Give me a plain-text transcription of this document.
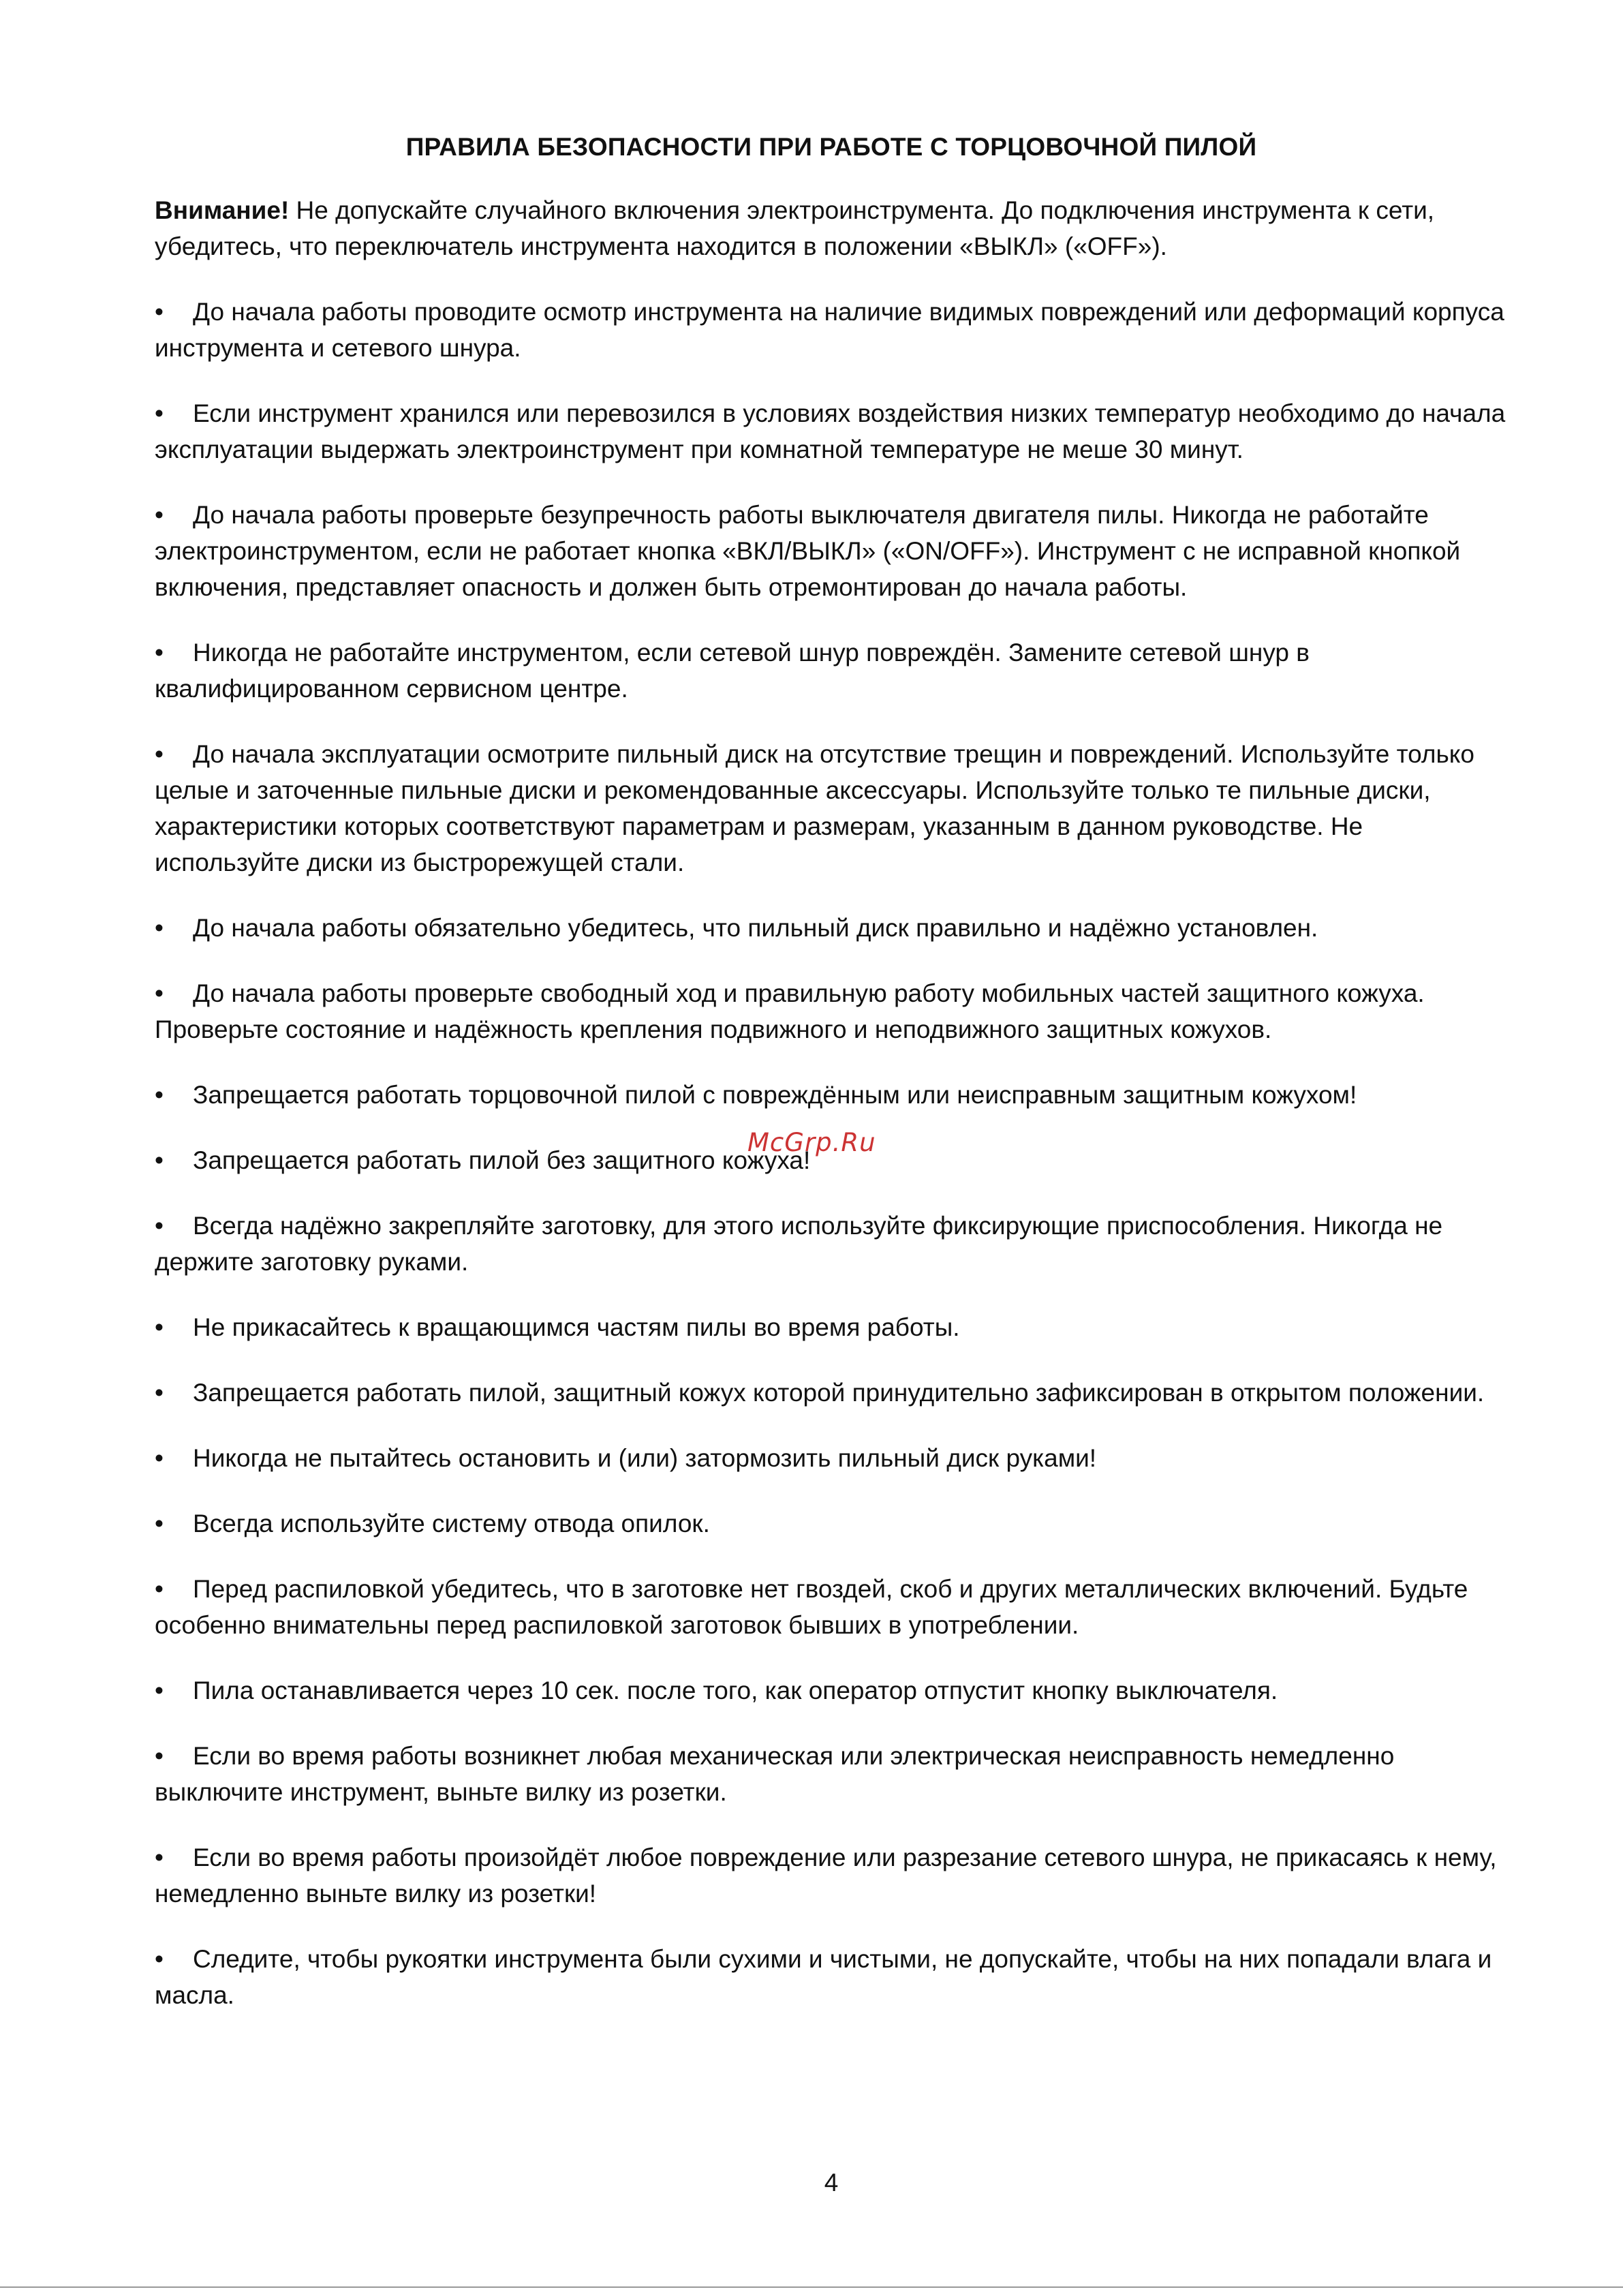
ПРАВИЛА БЕЗОПАСНОСТИ ПРИ РАБОТЕ С ТОРЦОВОЧНОЙ ПИЛОЙ

Внимание! Не допускайте случайного включения электроинструмента. До подключения инструмента к сети, убедитесь, что переключатель инструмента находится в положении «ВЫКЛ» («OFF»).

• До начала работы проводите осмотр инструмента на наличие видимых повреждений или деформаций корпуса инструмента и сетевого шнура.

• Если инструмент хранился или перевозился в условиях воздействия низких температур необходимо до начала эксплуатации выдержать электроинструмент при комнатной температуре не меше 30 минут.

• До начала работы проверьте безупречность работы выключателя двигателя пилы. Никогда не работайте электроинструментом, если не работает кнопка «ВКЛ/ВЫКЛ» («ON/OFF»). Инструмент с не исправной кнопкой включения, представляет опасность и должен быть отремонтирован до начала работы.

• Никогда не работайте инструментом, если сетевой шнур повреждён. Замените сетевой шнур в квалифицированном сервисном центре.

• До начала эксплуатации осмотрите пильный диск на отсутствие трещин и повреждений. Используйте только целые и заточенные пильные диски и рекомендованные аксессуары. Используйте только те пильные диски, характеристики которых соответствуют параметрам и размерам, указанным в данном руководстве. Не используйте диски из быстрорежущей стали.

• До начала работы обязательно убедитесь, что пильный диск правильно и надёжно установлен.

• До начала работы проверьте свободный ход и правильную работу мобильных частей защитного кожуха. Проверьте состояние и надёжность крепления подвижного и неподвижного защитных кожухов.

• Запрещается работать торцовочной пилой с повреждённым или неисправным защитным кожухом!

• Запрещается работать пилой без защитного кожуха!

• Всегда надёжно закрепляйте заготовку, для этого используйте фиксирующие приспособления. Никогда не держите заготовку руками.

• Не прикасайтесь к вращающимся частям пилы во время работы.

• Запрещается работать пилой, защитный кожух которой принудительно зафиксирован в открытом положении.

• Никогда не пытайтесь остановить и (или) затормозить пильный диск руками!

• Всегда используйте систему отвода опилок.

• Перед распиловкой убедитесь, что в заготовке нет гвоздей, скоб и других металлических включений. Будьте особенно внимательны перед распиловкой заготовок бывших в употреблении.

• Пила останавливается через 10 сек. после того, как оператор отпустит кнопку выключателя.

• Если во время работы возникнет любая механическая или электрическая неисправность немедленно выключите инструмент, выньте вилку из розетки.

• Если во время работы произойдёт любое повреждение или разрезание сетевого шнура, не прикасаясь к нему, немедленно выньте вилку из розетки!

• Следите, чтобы рукоятки инструмента были сухими и чистыми, не допускайте, чтобы на них попадали влага и масла.

McGrp.Ru
4
